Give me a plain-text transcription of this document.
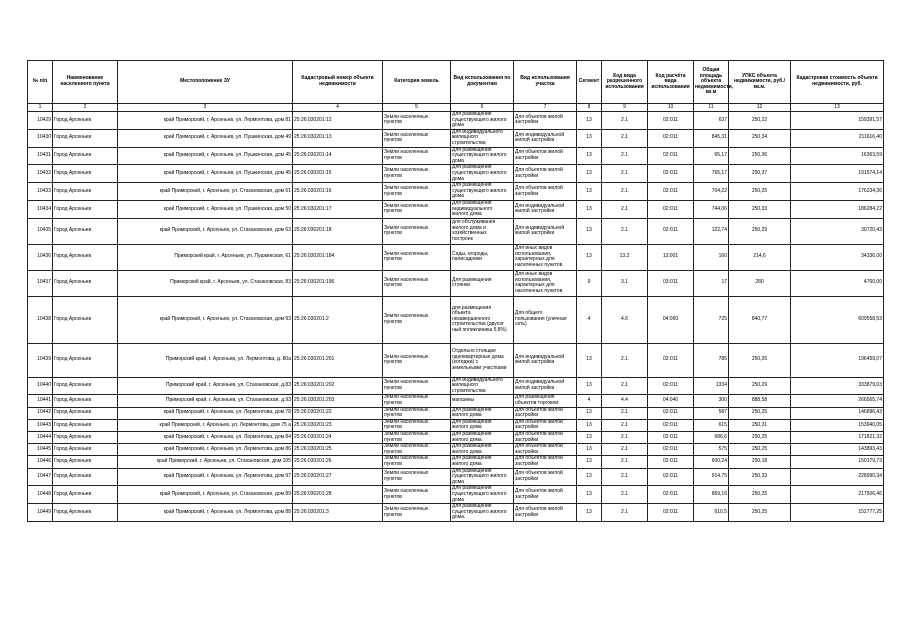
№ п/п	Наименование населенного пункта	Местоположение ЗУ	Кадастровый номер объекта недвижимости	Категория земель	Вид использования по документам	Вид использования участка	Сегмент	Код вида разрешенного использования	Код расчёта вида использования	Общая площадь объекта недвижимости, кв.м	УПКС объекта недвижимости, руб./кв.м.	Кадастровая стоимость объекта недвижимости, руб.
1	2	3	4	5	6	7	8	9	10	11	12	13
10429	Город Арсеньев	край Приморский, г. Арсеньев, ул. Лермонтова, дом 81	25:26:030201:12	Земли населенных
пунктов	Для размещения
существующего жилого
дома	Для объектов жилой
застройки	13	2.1	02:011	637	250,22	159391,57
10430	Город Арсеньев	край Приморский, г. Арсеньев, ул. Пушкинская, дом 49	25:26:030201:13	Земли населенных
пунктов	Для индивидуального
жилищного
строительства	Для индивидуальной
жилой застройки	13	2.1	02:011	845,31	250,34	211616,40
10431	Город Арсеньев	край Приморский, г. Арсеньев, ул. Пушкинская, дом 45	25:26:030201:14	Земли населенных
пунктов	Для размещения
существующего жилого
дома	Для объектов жилой
застройки	13	2.1	02:011	65,17	250,36	16363,59
10432	Город Арсеньев	край Приморский, г. Арсеньев, ул. Пушкинская, дом 45	25:26:030201:15	Земли населенных
пунктов	Для размещения
существующего жилого
дома	Для объектов жилой
застройки	13	2.1	02:011	765,17	250,37	191574,14
10433	Город Арсеньев	край Приморский, г. Арсеньев, ул. Стахановская, дом 61	25:26:030201:16	Земли населенных
пунктов	Для размещения
существующего жилого
дома	Для объектов жилой
застройки	13	2.1	02:011	704,22	250,25	176234,36
10434	Город Арсеньев	край Приморский, г. Арсеньев, ул. Пушкинская, дом 50	25:26:030201:17	Земли населенных
пунктов	Для размещения
индивидуального
жилого дома	Для индивидуальной
жилой застройки	13	2.1	02:011	744,06	250,33	186284,22
10435	Город Арсеньев	край Приморский, г. Арсеньев, ул. Стахановская, дом 63	25:26:030201:18	Земли населенных
пунктов	для обслуживания
жилого дома и
хозяйственных
построек	Для индивидуальной
жилой застройки	13	2.1	02:011	122,74	250,29	30720,43
10436	Город Арсеньев	Приморский край, г. Арсеньев, ул. Пушкинская, 61	25:26:030201:184	Земли населенных
пунктов	Сады, огороды,
палисадники	Для иных видов
использования,
характерных для
населенных пунктов	13	13.2	13:001	160	214,6	34336,00
10437	Город Арсеньев	Приморский край, г. Арсеньев, ул. Стахановская, 83	25:26:030201:196	Земли населенных
пунктов	Для размещения
стоянки	Для иных видов
использования,
характерных для
населенных пунктов	9	3.1	03:011	17	280	4760,00
10438	Город Арсеньев	край Приморский, г. Арсеньев, ул. Стахановская, дом 93	25:26:030201:2	Земли населенных
пунктов	для размещения
объекта
незавершенного
строительства (двухэт
ный поликлиника 5,8%)	Для общего
пользования (уличная
сеть)	4	4.6	04:060	725	840,77	609558,53
10439	Город Арсеньев	Приморский край, г. Арсеньев, ул. Лермонтова, д. 80а	25:26:030201:201	Земли населенных
пунктов	Отдельно стоящие
одноквартирные дома
(котеджи) с
земельными участками	Для индивидуальной
жилой застройки	13	2.1	02:011	785	250,26	196459,07
10440	Город Арсеньев	Приморский край, г. Арсеньев, ул. Стахановская, д.83	25:26:030201:202	Земли населенных
пунктов	Для индивидуального
жилищного
строительства	Для индивидуальной
жилой застройки	13	2.1	02:011	1334	250,29	333879,03
10441	Город Арсеньев	Приморский край, г. Арсеньев, ул. Стахановская, д.93	25:26:030201:203	Земли населенных
пунктов	магазины	Для размещения
объектов торговли	4	4.4	04:040	300	888,58	266565,74
10442	Город Арсеньев	край Приморский, г. Арсеньев, ул. Лермонтова, дом 78	25:26:030201:22	Земли населенных
пунктов	Для размещения
жилого дома	Для объектов жилой
застройки	13	2.1	02:011	587	250,25	146896,43
10443	Город Арсеньев	край Приморский, г. Арсеньев, ул. Лермонтова, дом 75 а	25:26:030201:23	Земли населенных
пунктов	Для размещения
жилого дома	Для объектов жилой
застройки	13	2.1	02:011	615	250,31	153940,05
10444	Город Арсеньев	край Приморский, г. Арсеньев, ул. Лермонтова, дом 84	25:26:030201:24	Земли населенных
пунктов	Для размещения
жилого дома	Для объектов жилой
застройки	13	2.1	02:011	686,6	250,25	171821,32
10445	Город Арсеньев	край Приморский, г. Арсеньев, ул. Лермонтова, дом 86	25:26:030201:25	Земли населенных
пунктов	Для размещения
жилого дома	Для объектов жилой
застройки	13	2.1	02:011	575	250,25	143893,43
10446	Город Арсеньев	край Приморский, г. Арсеньев, ул. Стахановская, дом 105	25:26:030201:26	Земли населенных
пунктов	Для размещения
жилого дома	Для объектов жилой
застройки	13	2.1	02:011	600,24	250,18	150179,73
10447	Город Арсеньев	край Приморский, г. Арсеньев, ул. Лермонтова, дом 97	25:26:030201:27	Земли населенных
пунктов	Для размещения
существующего жилого
дома	Для объектов жилой
застройки	13	2.1	02:011	914,75	250,33	228990,34
10448	Город Арсеньев	край Приморский, г. Арсеньев, ул. Стахановская, дом 89	25:26:030201:28	Земли населенных
пунктов	Для размещения
существующего жилого
дома	Для объектов жилой
застройки	13	2.1	02:011	869,16	250,25	217506,46
10449	Город Арсеньев	край Приморский, г. Арсеньев, ул. Лермонтова, дом 88	25:26:030201:3	Земли населенных
пунктов	Для размещения
существующего жилого
дома.	Для объектов жилой
застройки	13	2.1	02:011	610,5	250,25	152777,25
